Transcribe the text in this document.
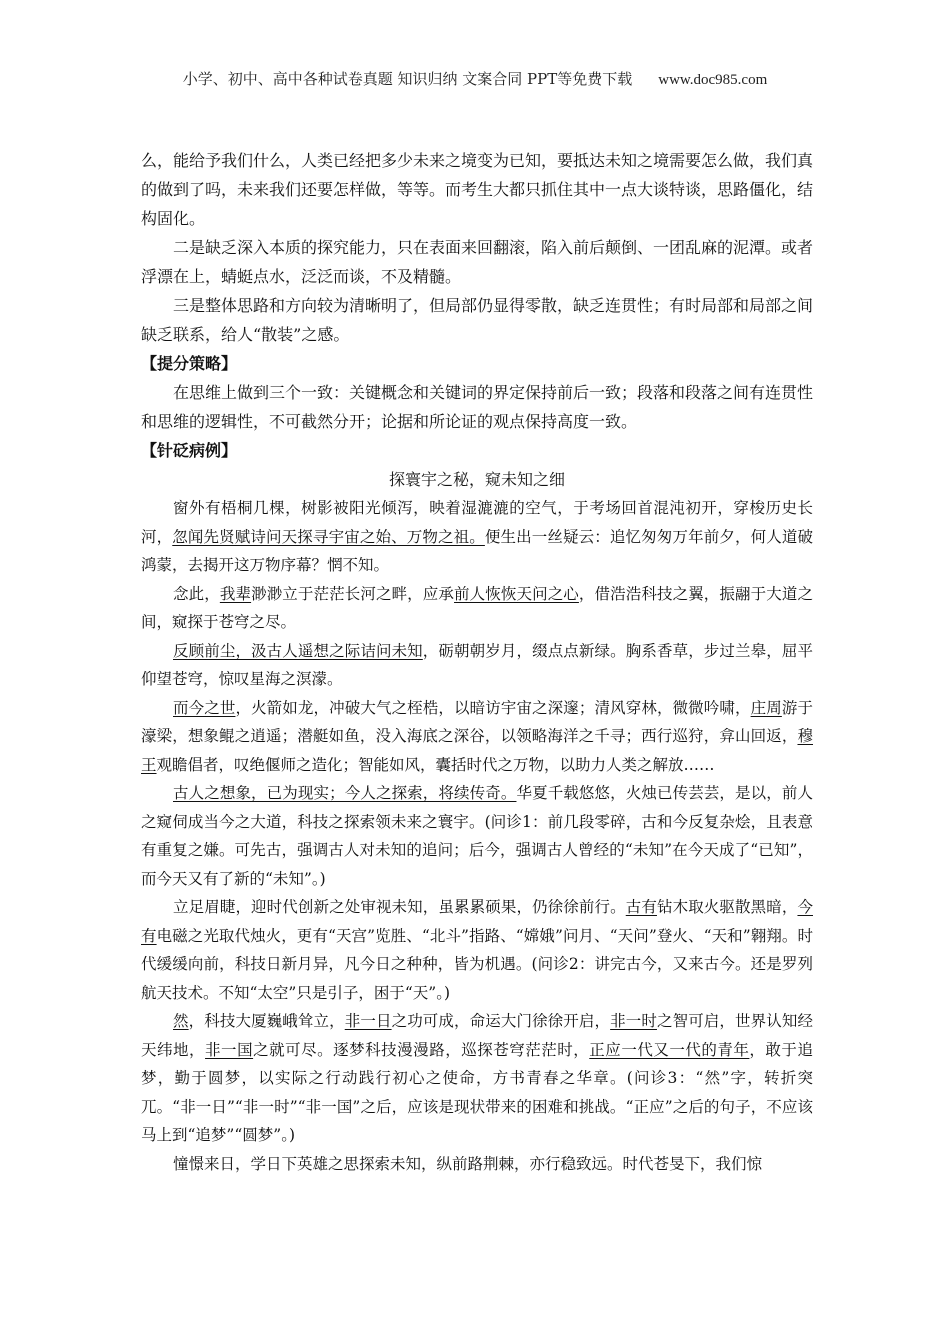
小学、初中、高中各种试卷真题 知识归纳 文案合同 PPT等免费下载 www.doc985.com

么，能给予我们什么，人类已经把多少未来之境变为已知，要抵达未知之境需要怎么做，我们真的做到了吗，未来我们还要怎样做，等等。而考生大都只抓住其中一点大谈特谈，思路僵化，结构固化。

二是缺乏深入本质的探究能力，只在表面来回翻滚，陷入前后颠倒、一团乱麻的泥潭。或者浮漂在上，蜻蜓点水，泛泛而谈，不及精髓。

三是整体思路和方向较为清晰明了，但局部仍显得零散，缺乏连贯性；有时局部和局部之间缺乏联系，给人“散装”之感。

【提分策略】

在思维上做到三个一致：关键概念和关键词的界定保持前后一致；段落和段落之间有连贯性和思维的逻辑性，不可截然分开；论据和所论证的观点保持高度一致。

【针砭病例】
探寰宇之秘，窥未知之细

窗外有梧桐几棵，树影被阳光倾泻，映着湿漉漉的空气，于考场回首混沌初开，穿梭历史长河，忽闻先贤赋诗问天探寻宇宙之始、万物之祖。便生出一丝疑云：追忆匆匆万年前夕，何人道破鸿蒙，去揭开这万物序幕？惘不知。

念此，我辈渺渺立于茫茫长河之畔，应承前人恢恢天问之心，借浩浩科技之翼，振翮于大道之间，窥探于苍穹之尽。

反顾前尘，汲古人遥想之际诘问未知，砺朝朝岁月，缀点点新绿。胸系香草，步过兰皋，屈平仰望苍穹，惊叹星海之溟濛。

而今之世，火箭如龙，冲破大气之桎梏，以暗访宇宙之深邃；清风穿林，微微吟啸，庄周游于濠梁，想象鲲之逍遥；潜艇如鱼，没入海底之深谷，以领略海洋之千寻；西行巡狩，弇山回返，穆王观瞻倡者，叹绝偃师之造化；智能如风，囊括时代之万物，以助力人类之解放……

古人之想象，已为现实；今人之探索，将续传奇。华夏千载悠悠，火烛已传芸芸，是以，前人之窥伺成当今之大道，科技之探索领未来之寰宇。(问诊1：前几段零碎，古和今反复杂烩，且表意有重复之嫌。可先古，强调古人对未知的追问；后今，强调古人曾经的“未知”在今天成了“已知”，而今天又有了新的“未知”。)

立足眉睫，迎时代创新之处审视未知，虽累累硕果，仍徐徐前行。古有钻木取火驱散黑暗，今有电磁之光取代烛火，更有“天宫”览胜、“北斗”指路、“嫦娥”问月、“天问”登火、“天和”翱翔。时代缓缓向前，科技日新月异，凡今日之种种，皆为机遇。(问诊2：讲完古今，又来古今。还是罗列航天技术。不知“太空”只是引子，困于“天”。)

然，科技大厦巍峨耸立，非一日之功可成，命运大门徐徐开启，非一时之智可启，世界认知经天纬地，非一国之就可尽。逐梦科技漫漫路，巡探苍穹茫茫时，正应一代又一代的青年，敢于追梦，勤于圆梦，以实际之行动践行初心之使命，方书青春之华章。(问诊3：“然”字，转折突兀。“非一日”“非一时”“非一国”之后，应该是现状带来的困难和挑战。“正应”之后的句子，不应该马上到“追梦”“圆梦”。)

憧憬来日，学日下英雄之思探索未知，纵前路荆棘，亦行稳致远。时代苍旻下，我们惊
